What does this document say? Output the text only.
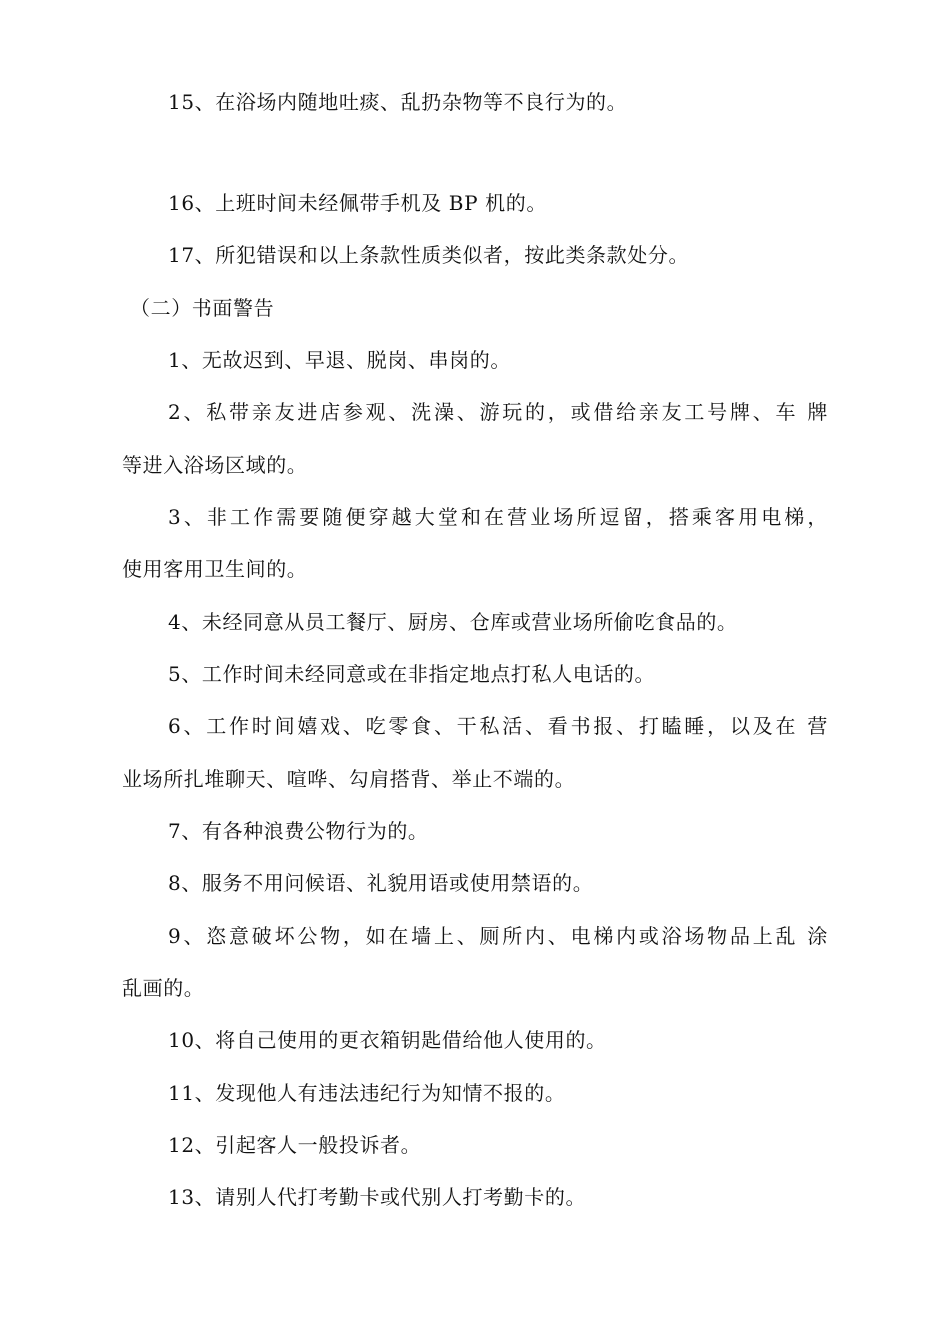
15、在浴场内随地吐痰、乱扔杂物等不良行为的。
16、上班时间未经佩带手机及 BP 机的。
17、所犯错误和以上条款性质类似者，按此类条款处分。
（二）书面警告
1、无故迟到、早退、脱岗、串岗的。
2、私带亲友进店参观、洗澡、游玩的，或借给亲友工号牌、车 牌
等进入浴场区域的。
3、非工作需要随便穿越大堂和在营业场所逗留，搭乘客用电梯，
使用客用卫生间的。
4、未经同意从员工餐厅、厨房、仓库或营业场所偷吃食品的。
5、工作时间未经同意或在非指定地点打私人电话的。
6、工作时间嬉戏、吃零食、干私活、看书报、打瞌睡，以及在 营
业场所扎堆聊天、喧哗、勾肩搭背、举止不端的。
7、有各种浪费公物行为的。
8、服务不用问候语、礼貌用语或使用禁语的。
9、恣意破坏公物，如在墙上、厕所内、电梯内或浴场物品上乱 涂
乱画的。
10、将自己使用的更衣箱钥匙借给他人使用的。
11、发现他人有违法违纪行为知情不报的。
12、引起客人一般投诉者。
13、请别人代打考勤卡或代别人打考勤卡的。
